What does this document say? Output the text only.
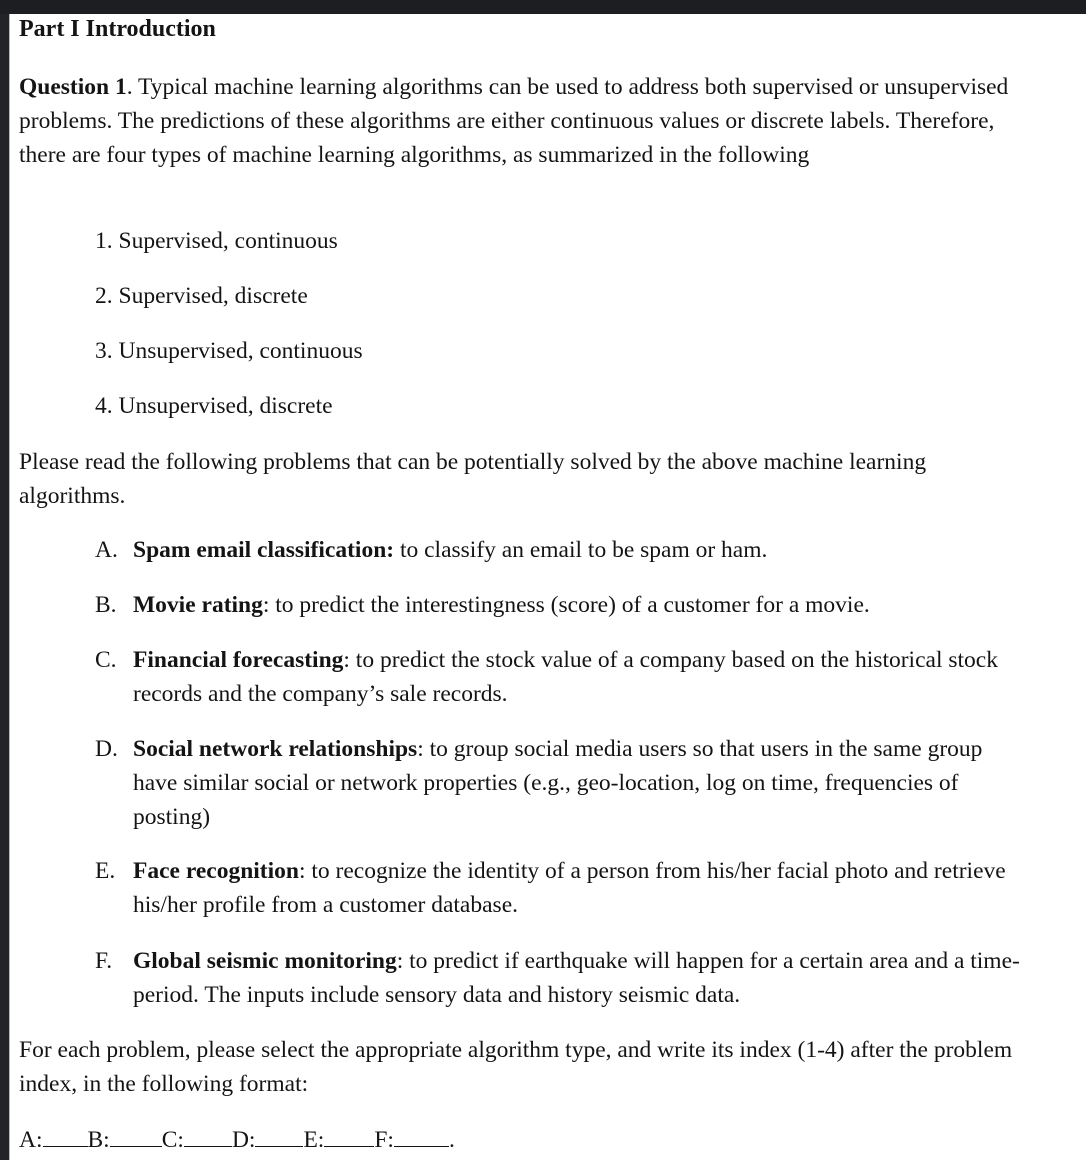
Part I Introduction

Question 1. Typical machine learning algorithms can be used to address both supervised or unsupervised problems. The predictions of these algorithms are either continuous values or discrete labels. Therefore, there are four types of machine learning algorithms, as summarized in the following

1. Supervised, continuous
2. Supervised, discrete
3. Unsupervised, continuous
4. Unsupervised, discrete

Please read the following problems that can be potentially solved by the above machine learning algorithms.

A. Spam email classification: to classify an email to be spam or ham.
B. Movie rating: to predict the interestingness (score) of a customer for a movie.
C. Financial forecasting: to predict the stock value of a company based on the historical stock records and the company’s sale records.
D. Social network relationships: to group social media users so that users in the same group have similar social or network properties (e.g., geo-location, log on time, frequencies of posting)
E. Face recognition: to recognize the identity of a person from his/her facial photo and retrieve his/her profile from a customer database.
F. Global seismic monitoring: to predict if earthquake will happen for a certain area and a time-period. The inputs include sensory data and history seismic data.

For each problem, please select the appropriate algorithm type, and write its index (1-4) after the problem index, in the following format:

A: B: C: D: E: F: .
